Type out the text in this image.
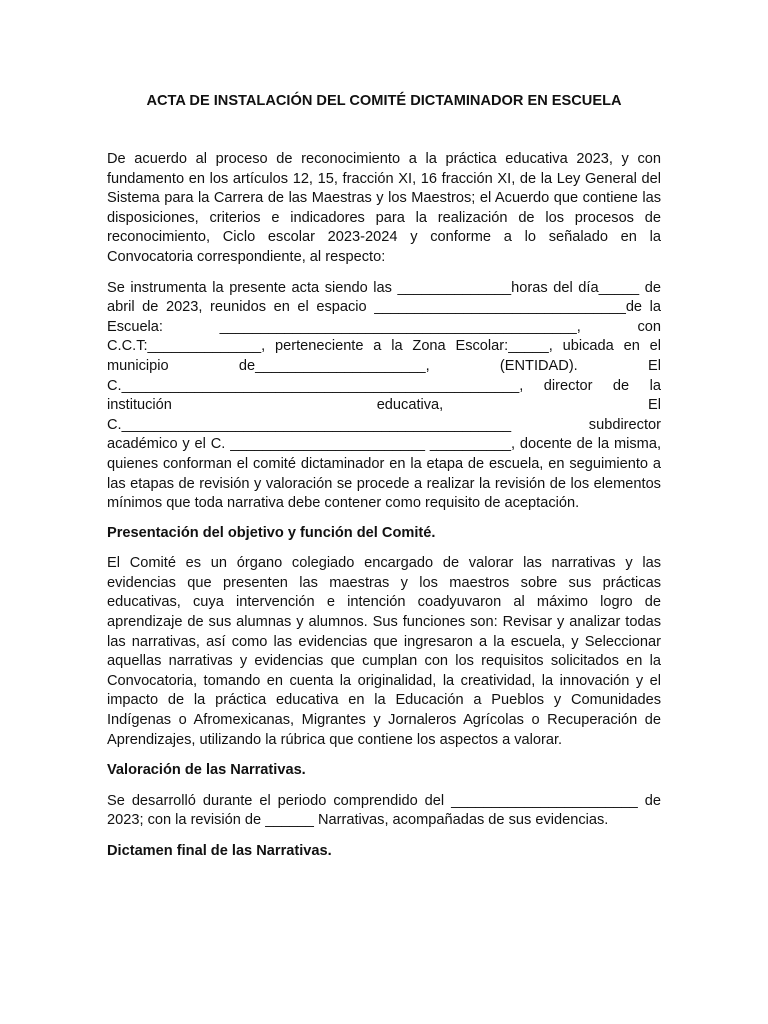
ACTA DE INSTALACIÓN DEL COMITÉ DICTAMINADOR EN ESCUELA

De acuerdo al proceso de reconocimiento a la práctica educativa 2023, y con fundamento en los artículos 12, 15, fracción XI, 16 fracción XI, de la Ley General del Sistema para la Carrera de las Maestras y los Maestros; el Acuerdo que contiene las disposiciones, criterios e indicadores para la realización de los procesos de reconocimiento, Ciclo escolar 2023-2024 y conforme a lo señalado en la Convocatoria correspondiente, al respecto:

Se instrumenta la presente acta siendo las ______________horas del día_____ de abril de 2023, reunidos en el espacio _______________________________de la Escuela: ____________________________________________, con C.C.T:______________, perteneciente a la Zona Escolar:_____, ubicada en el municipio de_____________________, (ENTIDAD). El C._________________________________________________, director de la institución educativa, El C.________________________________________________ subdirector académico y el C. ________________________ __________, docente de la misma, quienes conforman el comité dictaminador en la etapa de escuela, en seguimiento a las etapas de revisión y valoración se procede a realizar la revisión de los elementos mínimos que toda narrativa debe contener como requisito de aceptación.

Presentación del objetivo y función del Comité.

El Comité es un órgano colegiado encargado de valorar las narrativas y las evidencias que presenten las maestras y los maestros sobre sus prácticas educativas, cuya intervención e intención coadyuvaron al máximo logro de aprendizaje de sus alumnas y alumnos. Sus funciones son: Revisar y analizar todas las narrativas, así como las evidencias que ingresaron a la escuela, y Seleccionar aquellas narrativas y evidencias que cumplan con los requisitos solicitados en la Convocatoria, tomando en cuenta la originalidad, la creatividad, la innovación y el impacto de la práctica educativa en la Educación a Pueblos y Comunidades Indígenas o Afromexicanas, Migrantes y Jornaleros Agrícolas o Recuperación de Aprendizajes, utilizando la rúbrica que contiene los aspectos a valorar.

Valoración de las Narrativas.

Se desarrolló durante el periodo comprendido del _______________________ de 2023; con la revisión de ______ Narrativas, acompañadas de sus evidencias.

Dictamen final de las Narrativas.
